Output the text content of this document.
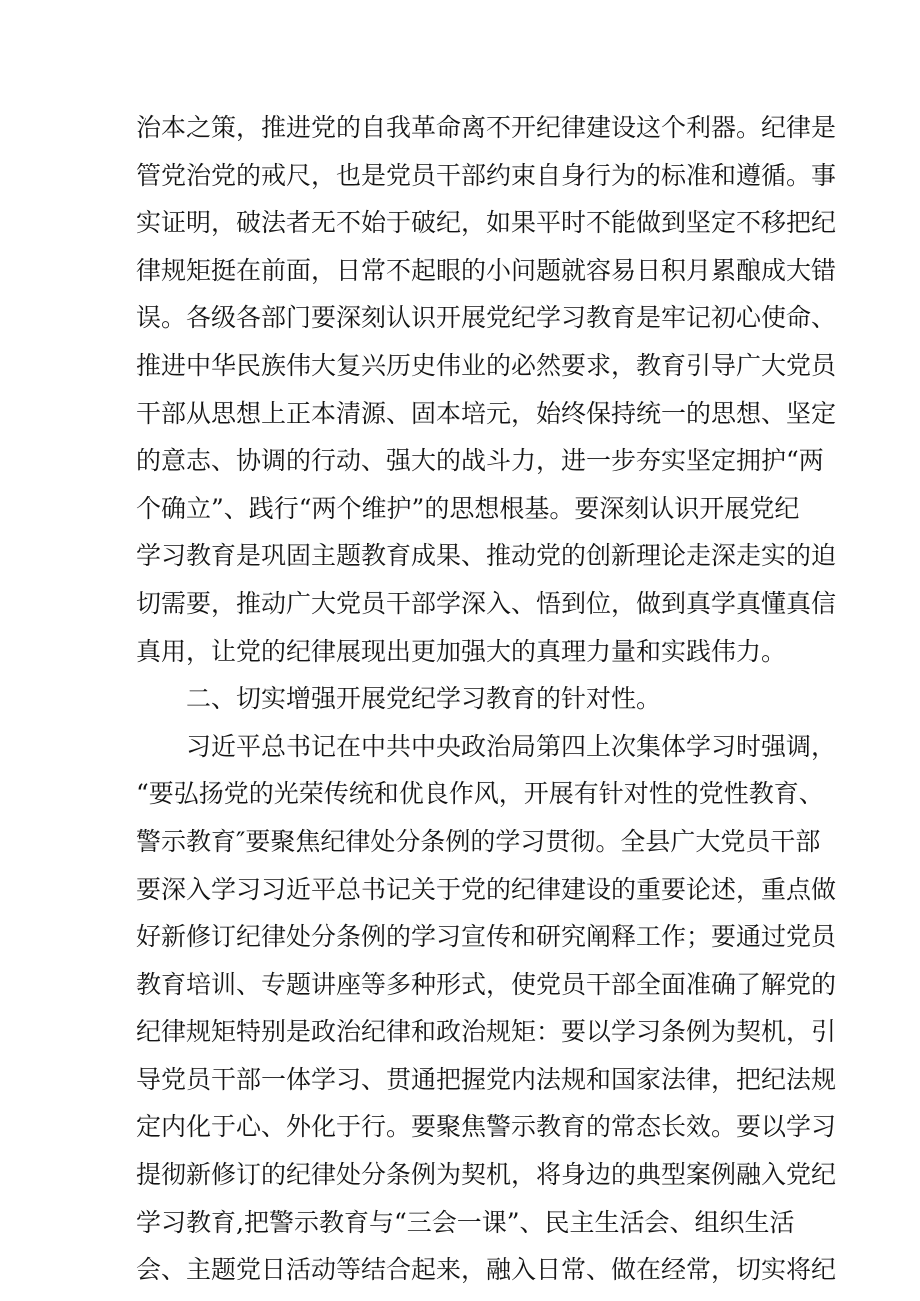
治本之策，推进党的自我革命离不开纪律建设这个利器。纪律是
管党治党的戒尺，也是党员干部约束自身行为的标准和遵循。事
实证明，破法者无不始于破纪，如果平时不能做到坚定不移把纪
律规矩挺在前面，日常不起眼的小问题就容易日积月累酿成大错
误。各级各部门要深刻认识开展党纪学习教育是牢记初心使命、
推进中华民族伟大复兴历史伟业的必然要求，教育引导广大党员
干部从思想上正本清源、固本培元，始终保持统一的思想、坚定
的意志、协调的行动、强大的战斗力，进一步夯实坚定拥护“两
个确立”、践行“两个维护”的思想根基。要深刻认识开展党纪
学习教育是巩固主题教育成果、推动党的创新理论走深走实的迫
切需要，推动广大党员干部学深入、悟到位，做到真学真懂真信
真用，让党的纪律展现出更加强大的真理力量和实践伟力。
二、切实增强开展党纪学习教育的针对性。
习近平总书记在中共中央政治局第四上次集体学习时强调，
“要弘扬党的光荣传统和优良作风，开展有针对性的党性教育、
警示教育″要聚焦纪律处分条例的学习贯彻。全县广大党员干部
要深入学习习近平总书记关于党的纪律建设的重要论述，重点做
好新修订纪律处分条例的学习宣传和研究阐释工作；要通过党员
教育培训、专题讲座等多种形式，使党员干部全面准确了解党的
纪律规矩特别是政治纪律和政治规矩：要以学习条例为契机，引
导党员干部一体学习、贯通把握党内法规和国家法律，把纪法规
定内化于心、外化于行。要聚焦警示教育的常态长效。要以学习
提彻新修订的纪律处分条例为契机，将身边的典型案例融入党纪
学习教育,把警示教育与“三会一课”、民主生活会、组织生活
会、主题党日活动等结合起来，融入日常、做在经常，切实将纪
